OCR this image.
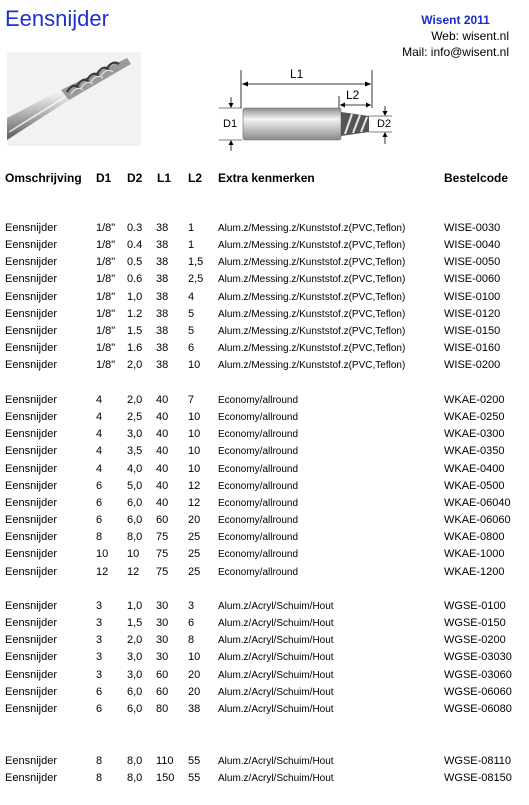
Eensnijder	Wisent 2011
Web: wisent.nl
Mail: info@wisent.nl
L1
L2
D1	D2
Omschrijving D1 D2 L1 L2 Extra kenmerken	Bestelcode
Eensnijder	1/8" 0.3 38 1 Alum.z/Messing.z/Kunststof.z(PVC,Teflon)	WISE-0030
Eensnijder	1/8" 0.4 38 1 Alum.z/Messing.z/Kunststof.z(PVC,Teflon)	WISE-0040
Eensnijder	1/8" 0.5 38 1,5 Alum.z/Messing.z/Kunststof.z(PVC,Teflon)	WISE-0050
Eensnijder	1/8" 0.6 38 2,5 Alum.z/Messing.z/Kunststof.z(PVC,Teflon)	WISE-0060
Eensnijder	1/8" 1,0 38 4 Alum.z/Messing.z/Kunststof.z(PVC,Teflon)	WISE-0100
Eensnijder	1/8" 1.2 38 5 Alum.z/Messing.z/Kunststof.z(PVC,Teflon)	WISE-0120
Eensnijder	1/8" 1.5 38 5 Alum.z/Messing.z/Kunststof.z(PVC,Teflon)	WISE-0150
Eensnijder	1/8" 1.6 38 6 Alum.z/Messing.z/Kunststof.z(PVC,Teflon)	WISE-0160
Eensnijder	1/8" 2,0 38 10 Alum.z/Messing.z/Kunststof.z(PVC,Teflon)	WISE-0200
Eensnijder	4 2,0 40 7 Economy/allround	WKAE-0200
Eensnijder	4 2,5 40 10 Economy/allround	WKAE-0250
Eensnijder	4 3,0 40 10 Economy/allround	WKAE-0300
Eensnijder	4 3,5 40 10 Economy/allround	WKAE-0350
Eensnijder	4 4,0 40 10 Economy/allround	WKAE-0400
Eensnijder	6 5,0 40 12 Economy/allround	WKAE-0500
Eensnijder	6 6,0 40 12 Economy/allround	WKAE-06040
Eensnijder	6 6,0 60 20 Economy/allround	WKAE-06060
Eensnijder	8 8,0 75 25 Economy/allround	WKAE-0800
Eensnijder	10 10 75 25 Economy/allround	WKAE-1000
Eensnijder	12 12 75 25 Economy/allround	WKAE-1200
Eensnijder	3 1,0 30 3 Alum.z/Acryl/Schuim/Hout	WGSE-0100
Eensnijder	3 1,5 30 6 Alum.z/Acryl/Schuim/Hout	WGSE-0150
Eensnijder	3 2,0 30 8 Alum.z/Acryl/Schuim/Hout	WGSE-0200
Eensnijder	3 3,0 30 10 Alum.z/Acryl/Schuim/Hout	WGSE-03030
Eensnijder	3 3,0 60 20 Alum.z/Acryl/Schuim/Hout	WGSE-03060
Eensnijder	6 6,0 60 20 Alum.z/Acryl/Schuim/Hout	WGSE-06060
Eensnijder	6 6,0 80 38 Alum.z/Acryl/Schuim/Hout	WGSE-06080
Eensnijder	8 8,0 110 55 Alum.z/Acryl/Schuim/Hout	WGSE-08110
Eensnijder	8 8,0 150 55 Alum.z/Acryl/Schuim/Hout	WGSE-08150
